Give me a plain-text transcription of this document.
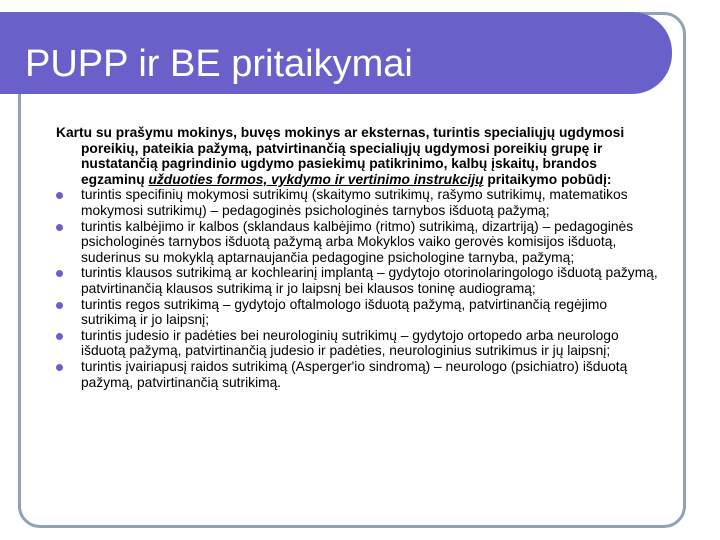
PUPP ir BE pritaikymai

Kartu su prašymu mokinys, buvęs mokinys ar eksternas, turintis specialiųjų ugdymosi poreikių, pateikia pažymą, patvirtinančią specialiųjų ugdymosi poreikių grupę ir nustatančią pagrindinio ugdymo pasiekimų patikrinimo, kalbų įskaitų, brandos egzaminų užduoties formos, vykdymo ir vertinimo instrukcijų pritaikymo pobūdį:

turintis specifinių mokymosi sutrikimų (skaitymo sutrikimų, rašymo sutrikimų, matematikos mokymosi sutrikimų) – pedagoginės psichologinės tarnybos išduotą pažymą;
turintis kalbėjimo ir kalbos (sklandaus kalbėjimo (ritmo) sutrikimą, dizartriją) – pedagoginės psichologinės tarnybos išduotą pažymą arba Mokyklos vaiko gerovės komisijos išduotą, suderinus su mokyklą aptarnaujančia pedagogine psichologine tarnyba, pažymą;
turintis klausos sutrikimą ar kochlearinį implantą – gydytojo otorinolaringologo išduotą pažymą, patvirtinančią klausos sutrikimą ir jo laipsnį bei klausos toninę audiogramą;
turintis regos sutrikimą – gydytojo oftalmologo išduotą pažymą, patvirtinančią regėjimo sutrikimą ir jo laipsnį;
turintis judesio ir padėties bei neurologinių sutrikimų – gydytojo ortopedo arba neurologo išduotą pažymą, patvirtinančią judesio ir padėties, neurologinius sutrikimus ir jų laipsnį;
turintis įvairiapusį raidos sutrikimą (Asperger'io sindromą) – neurologo (psichiatro) išduotą pažymą, patvirtinančią sutrikimą.
